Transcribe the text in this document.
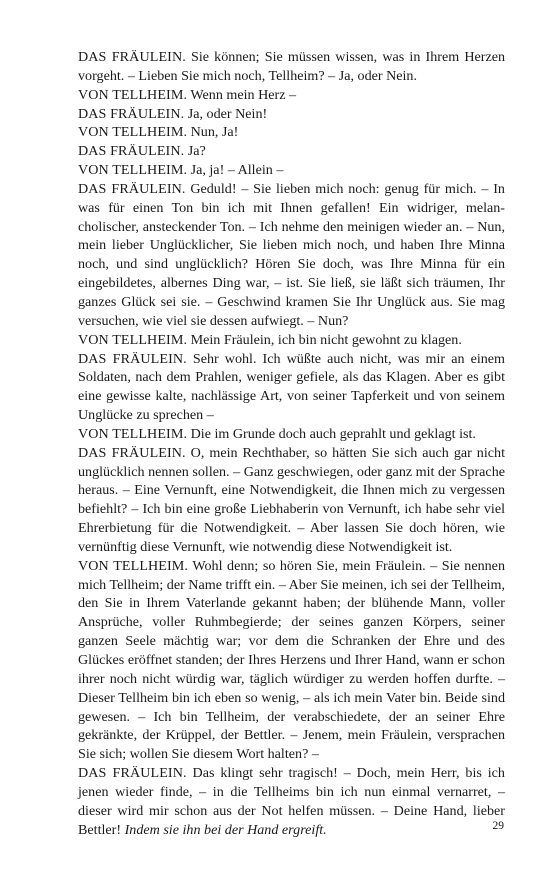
DAS FRÄULEIN. Sie können; Sie müssen wissen, was in Ihrem Herzen vorgeht. – Lieben Sie mich noch, Tellheim? – Ja, oder Nein.

VON TELLHEIM. Wenn mein Herz –

DAS FRÄULEIN. Ja, oder Nein!

VON TELLHEIM. Nun, Ja!

DAS FRÄULEIN. Ja?

VON TELLHEIM. Ja, ja! – Allein –

DAS FRÄULEIN. Geduld! – Sie lieben mich noch: genug für mich. – In was für einen Ton bin ich mit Ihnen gefallen! Ein widriger, melancholischer, ansteckender Ton. – Ich nehme den meinigen wieder an. – Nun, mein lieber Unglücklicher, Sie lieben mich noch, und haben Ihre Minna noch, und sind unglücklich? Hören Sie doch, was Ihre Minna für ein eingebildetes, albernes Ding war, – ist. Sie ließ, sie läßt sich träumen, Ihr ganzes Glück sei sie. – Geschwind kramen Sie Ihr Unglück aus. Sie mag versuchen, wie viel sie dessen aufwiegt. – Nun?

VON TELLHEIM. Mein Fräulein, ich bin nicht gewohnt zu klagen.

DAS FRÄULEIN. Sehr wohl. Ich wüßte auch nicht, was mir an einem Soldaten, nach dem Prahlen, weniger gefiele, als das Klagen. Aber es gibt eine gewisse kalte, nachlässige Art, von seiner Tapferkeit und von seinem Unglücke zu sprechen –

VON TELLHEIM. Die im Grunde doch auch geprahlt und geklagt ist.

DAS FRÄULEIN. O, mein Rechthaber, so hätten Sie sich auch gar nicht unglücklich nennen sollen. – Ganz geschwiegen, oder ganz mit der Sprache heraus. – Eine Vernunft, eine Notwendigkeit, die Ihnen mich zu vergessen befiehlt? – Ich bin eine große Liebhaberin von Vernunft, ich habe sehr viel Ehrerbietung für die Notwendigkeit. – Aber lassen Sie doch hören, wie vernünftig diese Vernunft, wie notwendig diese Notwendigkeit ist.

VON TELLHEIM. Wohl denn; so hören Sie, mein Fräulein. – Sie nennen mich Tellheim; der Name trifft ein. – Aber Sie meinen, ich sei der Tellheim, den Sie in Ihrem Vaterlande gekannt haben; der blühende Mann, voller Ansprüche, voller Ruhmbegierde; der seines ganzen Körpers, seiner ganzen Seele mächtig war; vor dem die Schranken der Ehre und des Glückes eröffnet standen; der Ihres Herzens und Ihrer Hand, wann er schon ihrer noch nicht würdig war, täglich würdiger zu werden hoffen durfte. – Dieser Tellheim bin ich eben so wenig, – als ich mein Vater bin. Beide sind gewesen. – Ich bin Tellheim, der verabschiedete, der an seiner Ehre gekränkte, der Krüppel, der Bettler. – Jenem, mein Fräulein, versprachen Sie sich; wollen Sie diesem Wort halten? –

DAS FRÄULEIN. Das klingt sehr tragisch! – Doch, mein Herr, bis ich jenen wieder finde, – in die Tellheims bin ich nun einmal vernarret, – dieser wird mir schon aus der Not helfen müssen. – Deine Hand, lieber Bettler! Indem sie ihn bei der Hand ergreift.	29
